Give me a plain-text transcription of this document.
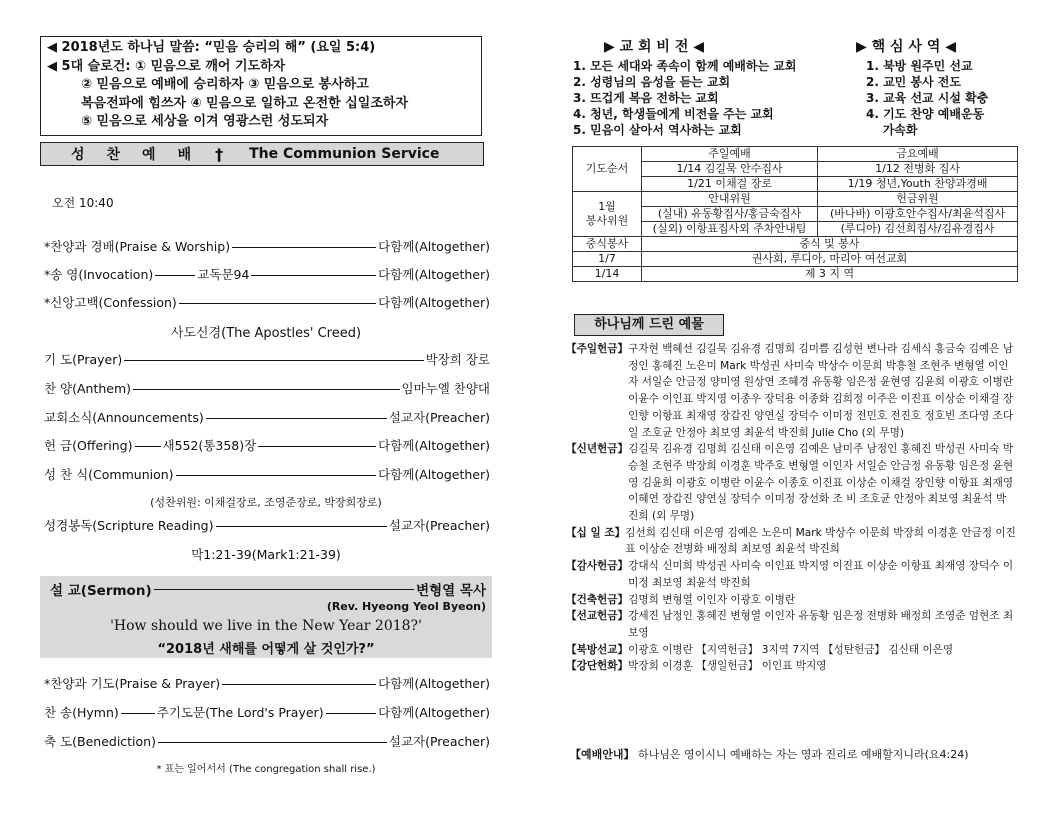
◀ 2018년도 하나님 말씀: “믿음 승리의 해” (요일 5:4)
◀ 5대 슬로건: ① 믿음으로 깨어 기도하자
② 믿음으로 예배에 승리하자 ③ 믿음으로 봉사하고
복음전파에 힘쓰자 ④ 믿음으로 일하고 온전한 십일조하자
⑤ 믿음으로 세상을 이겨 영광스런 성도되자
성찬예배 † The Communion Service
오전 10:40
*찬양과 경배(Praise & Worship)	다함께(Altogether)
*송 영(Invocation)	교독문94	다함께(Altogether)
*신앙고백(Confession)	다함께(Altogether)
사도신경(The Apostles' Creed)
기 도(Prayer)	박장희 장로
찬 양(Anthem)	임마누엘 찬양대
교회소식(Announcements)	설교자(Preacher)
헌 금(Offering) 새552(통358)장	다함께(Altogether)
성 찬 식(Communion)	다함께(Altogether)
(성찬위원: 이채걸장로, 조영준장로, 박장희장로)
성경봉독(Scripture Reading)	설교자(Preacher)
막1:21-39(Mark1:21-39)
설 교(Sermon)	변형열 목사
(Rev. Hyeong Yeol Byeon)
'How should we live in the New Year 2018?'
“2018년 새해를 어떻게 살 것인가?”
*찬양과 기도(Praise & Prayer)	다함께(Altogether)
찬 송(Hymn)	주기도문(The Lord's Prayer)	다함께(Altogether)
축 도(Benediction)	설교자(Preacher)
* 표는 일어서서 (The congregation shall rise.)
▶ 교 회 비 전 ◀	▶ 핵 심 사 역 ◀
1. 모든 세대와 족속이 함께 예배하는 교회
2. 성령님의 음성을 듣는 교회
3. 뜨겁게 복음 전하는 교회
4. 청년, 학생들에게 비전을 주는 교회
5. 믿음이 살아서 역사하는 교회
1. 북방 원주민 선교
2. 교민 봉사 전도
3. 교육 선교 시설 확충
4. 기도 찬양 예배운동
가속화
기도순서	주일예배	금요예배
	1/14 김길묵 안수집사	1/12 전병화 집사
	1/21 이채걸 장로	1/19 청년,Youth 찬양과경배

1월
봉사위원	안내위원	헌금위원
	(실내) 유동황집사/홍금숙집사	(바나바) 이광호안수집사/최윤석집사
	(실외) 이항표집사외 주차안내팀	(루디아) 김선희집사/김유경집사
중식봉사	중식 및 봉사	
1/7	권사회, 루디아, 마리아 여선교회	
1/14	제 3 지 역	
하나님께 드린 예물
【주일헌금】 구자현 백혜선 김길묵 김유경 김명희 김미쁨 김성현 변나라 김세식 홍금숙 김예은 남정인 홍혜진 노은미 Mark 박성권 사미숙 박상수 이문희 박흥철 조현주 변형열 이인자 서일순 안금정 양미영 원상연 조혜경 유동황 임은정 윤현영 김윤희 이광호 이병란 이윤수 이인표 박지영 이종우 장덕용 이종화 김희정 이주은 이진표 이상순 이채걸 장인향 이항표 최재영 장갑진 양연실 장덕수 이미정 전민호 전진호 정호빈 조다영 조다일 조호균 안정아 최보영 최윤석 박진희 Julie Cho (외 무명)
【신년헌금】 김길묵 김유경 김명희 김신태 이은영 김예은 남미주 남정인 홍혜진 박성권 사미숙 박승철 조현주 박장희 이경훈 박주호 변형열 이인자 서일순 안금정 유동황 임은정 윤현영 김윤희 이광호 이병란 이윤수 이종호 이진표 이상순 이채걸 장인향 이항표 최재영 이혜연 장갑진 양연실 장덕수 이미정 장선화 조 비 조호균 안정아 최보영 최윤석 박진희 (외 무명)
【십 일 조】 김선희 김신태 이은영 김예은 노은미 Mark 박상수 이문희 박장희 이경훈 안금정 이진표 이상순 전병화 배정희 최보영 최윤석 박진희
【감사헌금】 강대식 신미희 박성권 사미숙 이인표 박지영 이진표 이상순 이항표 최재영 장덕수 이미정 최보영 최윤석 박진희
【건축헌금】 김명희 변형열 이인자 이광호 이병란
【선교헌금】 강세진 남정인 홍혜진 변형열 이인자 유동황 임은정 전병화 배정희 조영준 엄현조 최보영
【북방선교】 이광호 이병란 【지역헌금】 3지역 7지역 【성탄헌금】 김신태 이은영
【강단헌화】 박장희 이경훈 【생일헌금】 이인표 박지영
【예배안내】 하나님은 영이시니 예배하는 자는 영과 진리로 예배할지니라(요4:24)
